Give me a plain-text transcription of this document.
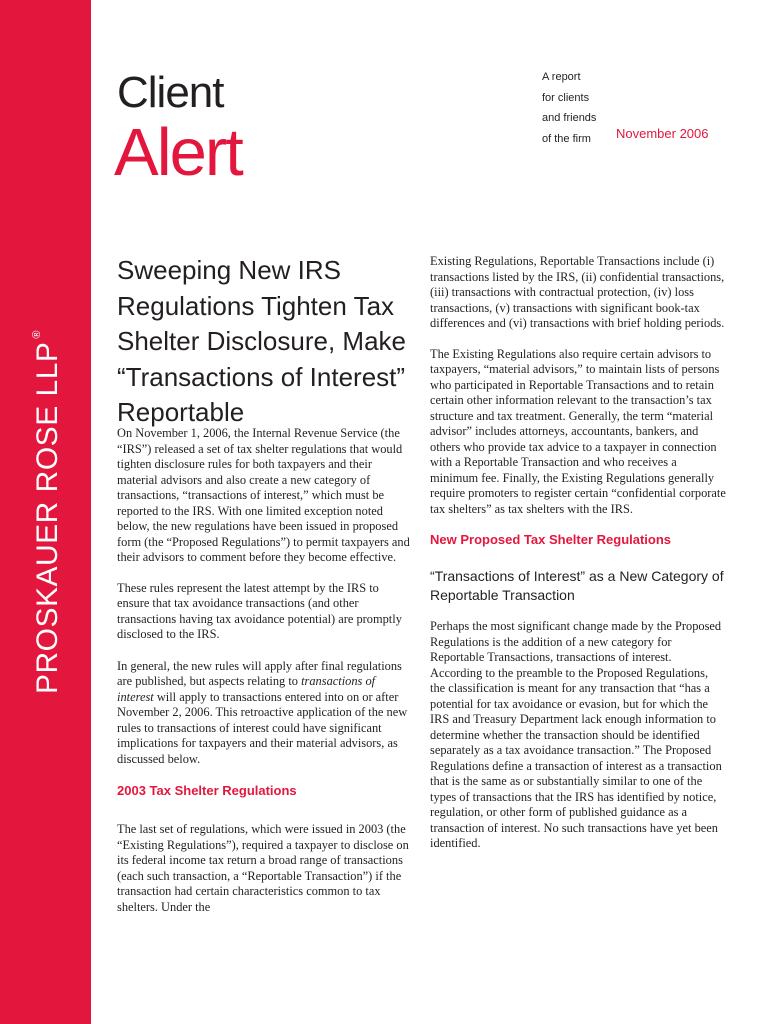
PROSKAUER ROSE LLP®
Client
Alert
A report
for clients
and friends
of the firm	November 2006
Sweeping New IRS Regulations Tighten Tax Shelter Disclosure, Make “Transactions of Interest” Reportable

On November 1, 2006, the Internal Revenue Service (the “IRS”) released a set of tax shelter regulations that would tighten disclosure rules for both taxpayers and their material advisors and also create a new category of transactions, “transactions of interest,” which must be reported to the IRS. With one limited exception noted below, the new regulations have been issued in proposed form (the “Proposed Regulations”) to permit taxpayers and their advisors to comment before they become effective.

These rules represent the latest attempt by the IRS to ensure that tax avoidance transactions (and other transactions having tax avoidance potential) are promptly disclosed to the IRS.

In general, the new rules will apply after final regulations are published, but aspects relating to transactions of interest will apply to transactions entered into on or after November 2, 2006. This retroactive application of the new rules to transactions of interest could have significant implications for taxpayers and their material advisors, as discussed below.

2003 Tax Shelter Regulations

The last set of regulations, which were issued in 2003 (the “Existing Regulations”), required a taxpayer to disclose on its federal income tax return a broad range of transactions (each such transaction, a “Reportable Transaction”) if the transaction had certain characteristics common to tax shelters. Under the

Existing Regulations, Reportable Transactions include (i) transactions listed by the IRS, (ii) confidential transactions, (iii) transactions with contractual protection, (iv) loss transactions, (v) transactions with significant book-tax differences and (vi) transactions with brief holding periods.

The Existing Regulations also require certain advisors to taxpayers, “material advisors,” to maintain lists of persons who participated in Reportable Transactions and to retain certain other information relevant to the transaction’s tax structure and tax treatment. Generally, the term “material advisor” includes attorneys, accountants, bankers, and others who provide tax advice to a taxpayer in connection with a Reportable Transaction and who receives a minimum fee. Finally, the Existing Regulations generally require promoters to register certain “confidential corporate tax shelters” as tax shelters with the IRS.

New Proposed Tax Shelter Regulations
“Transactions of Interest” as a New Category of Reportable Transaction

Perhaps the most significant change made by the Proposed Regulations is the addition of a new category for Reportable Transactions, transactions of interest. According to the preamble to the Proposed Regulations, the classification is meant for any transaction that “has a potential for tax avoidance or evasion, but for which the IRS and Treasury Department lack enough information to determine whether the transaction should be identified separately as a tax avoidance transaction.” The Proposed Regulations define a transaction of interest as a transaction that is the same as or substantially similar to one of the types of transactions that the IRS has identified by notice, regulation, or other form of published guidance as a transaction of interest. No such transactions have yet been identified.
